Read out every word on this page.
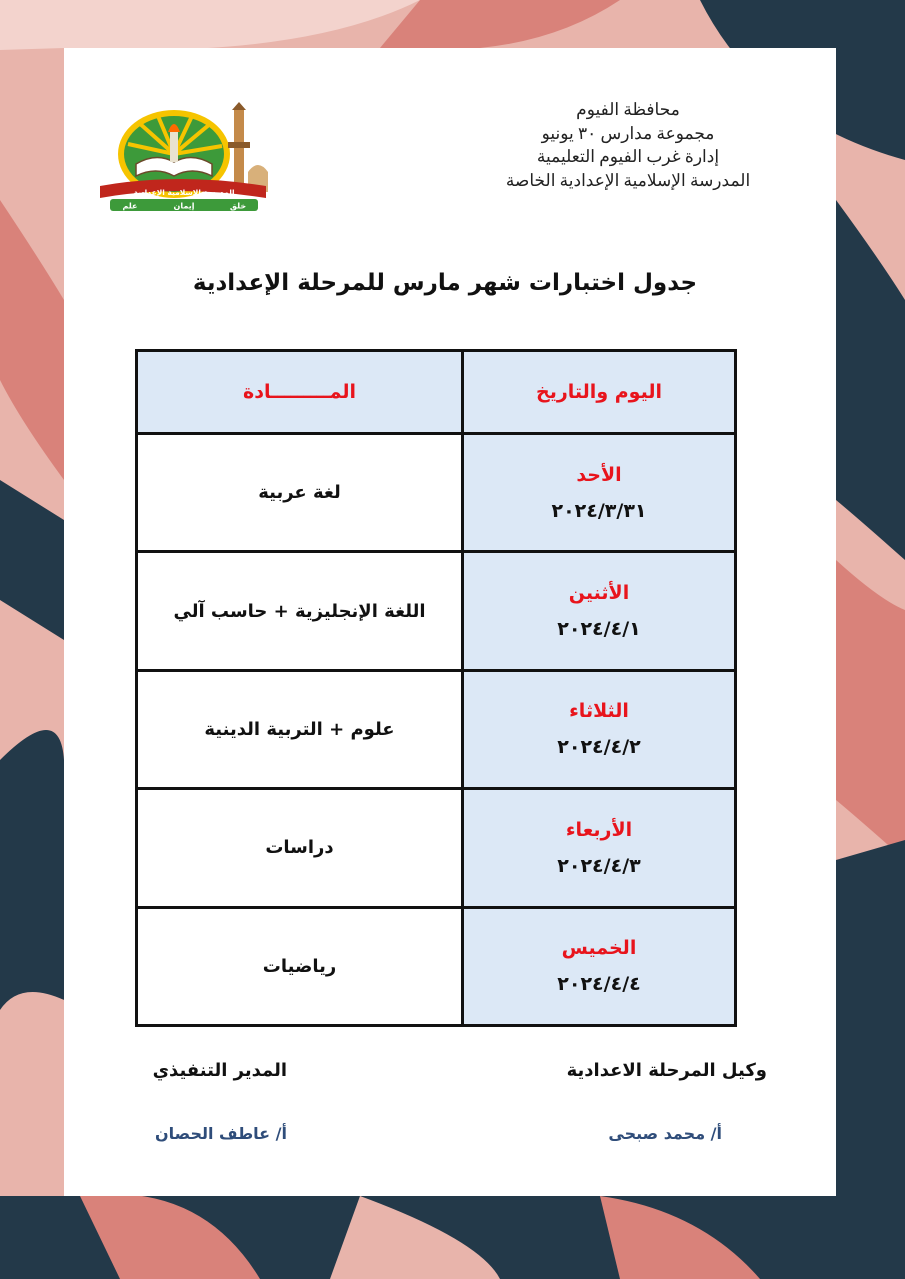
المدرسة الإسلامية الإعدادية
خلق
إيمان
علم
محافظة الفيوم
مجموعة مدارس ٣٠ يونيو
إدارة غرب الفيوم التعليمية
المدرسة الإسلامية الإعدادية الخاصة
جدول اختبارات شهر مارس للمرحلة الإعدادية
اليوم والتاريخ	المـــــــــادة

الأحد
٢٠٢٤/٣/٣١	لغة عربية

الأثنين
٢٠٢٤/٤/١	اللغة الإنجليزية + حاسب آلي

الثلاثاء
٢٠٢٤/٤/٢	علوم + التربية الدينية

الأربعاء
٢٠٢٤/٤/٣	دراسات

الخميس
٢٠٢٤/٤/٤	رياضيات
وكيل المرحلة الاعدادية
المدير التنفيذي
أ/ محمد صبحى
أ/ عاطف الحصان
